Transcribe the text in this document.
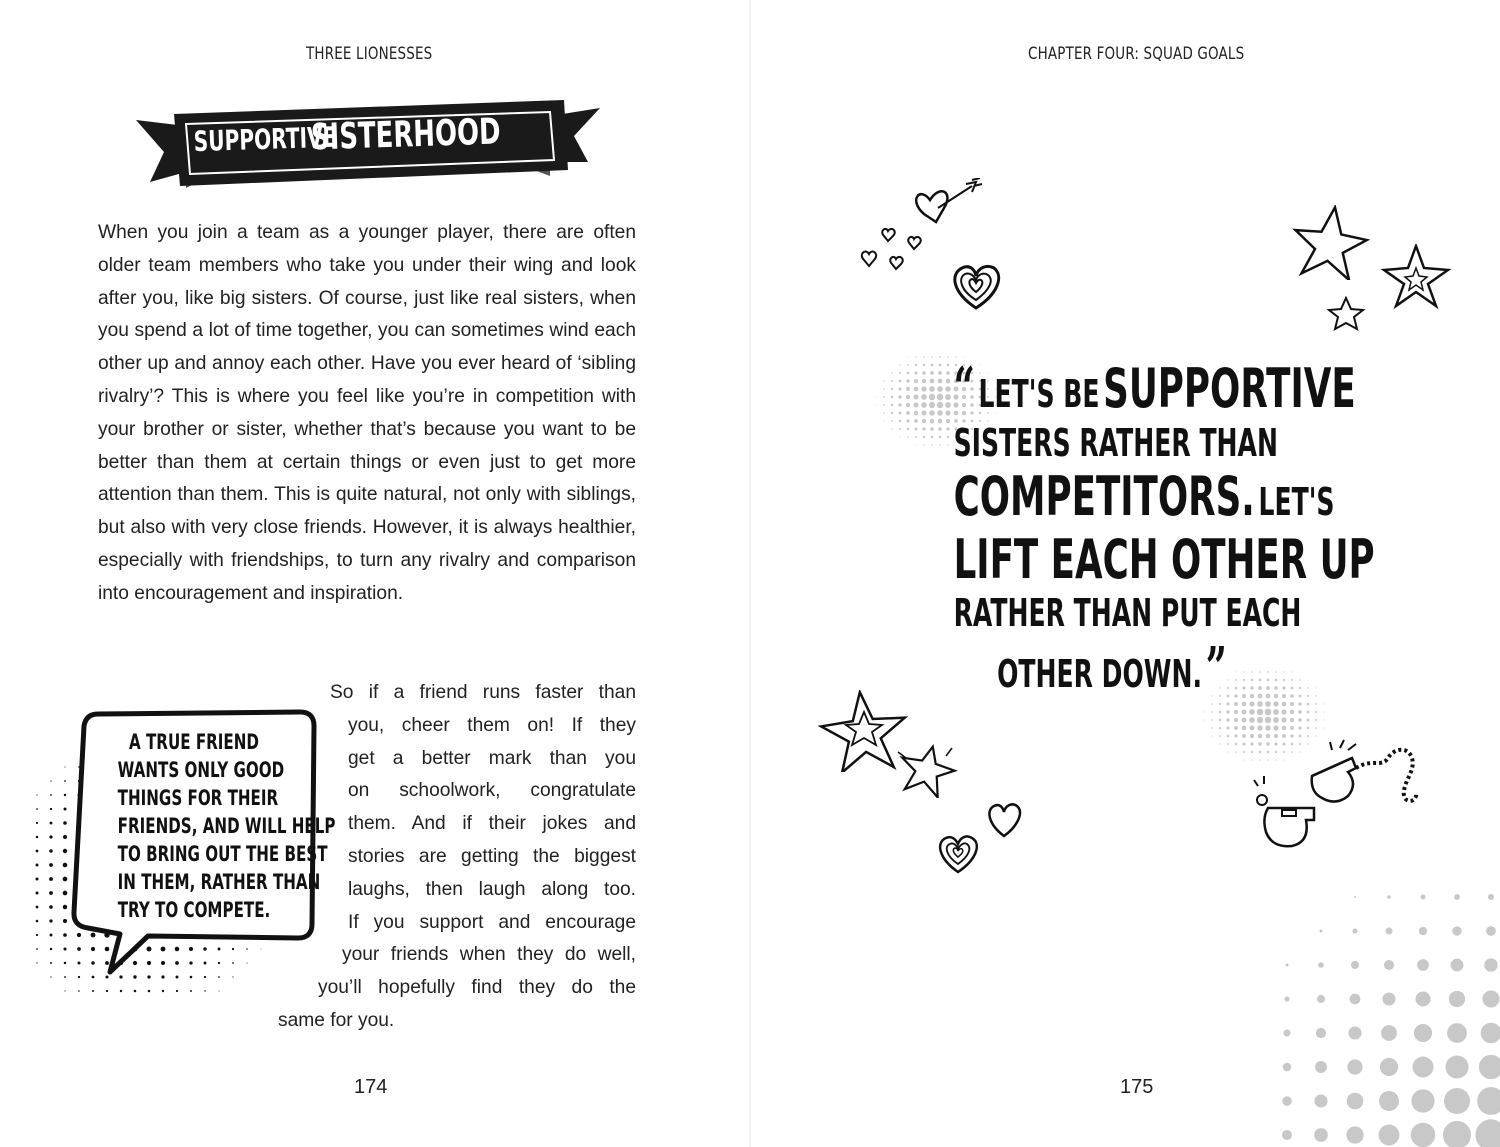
THREE LIONESSES
SUPPORTIVE
SISTERHOOD
When you join a team as a younger player, there are often older team members who take you under their wing and look after you, like big sisters. Of course, just like real sisters, when you spend a lot of time together, you can sometimes wind each other up and annoy each other. Have you ever heard of ‘sibling rivalry’? This is where you feel like you’re in competition with your brother or sister, whether that’s because you want to be better than them at certain things or even just to get more attention than them. This is quite natural, not only with siblings, but also with very close friends. However, it is always healthier, especially with friendships, to turn any rivalry and comparison into encouragement and inspiration.
A TRUE FRIEND
WANTS ONLY GOOD
THINGS FOR THEIR
FRIENDS, AND WILL HELP
TO BRING OUT THE BEST
IN THEM, RATHER THAN
TRY TO COMPETE.
So if a friend runs faster than
you, cheer them on! If they
get a better mark than you
on schoolwork, congratulate
them. And if their jokes and
stories are getting the biggest
laughs, then laugh along too.
If you support and encourage
your friends when they do well,
you’ll hopefully find they do the
same for you.
174
CHAPTER FOUR: SQUAD GOALS
175
“ LET'S BE SUPPORTIVE
SISTERS RATHER THAN
COMPETITORS. LET'S
LIFT EACH OTHER UP
RATHER THAN PUT EACH
OTHER DOWN. ”
